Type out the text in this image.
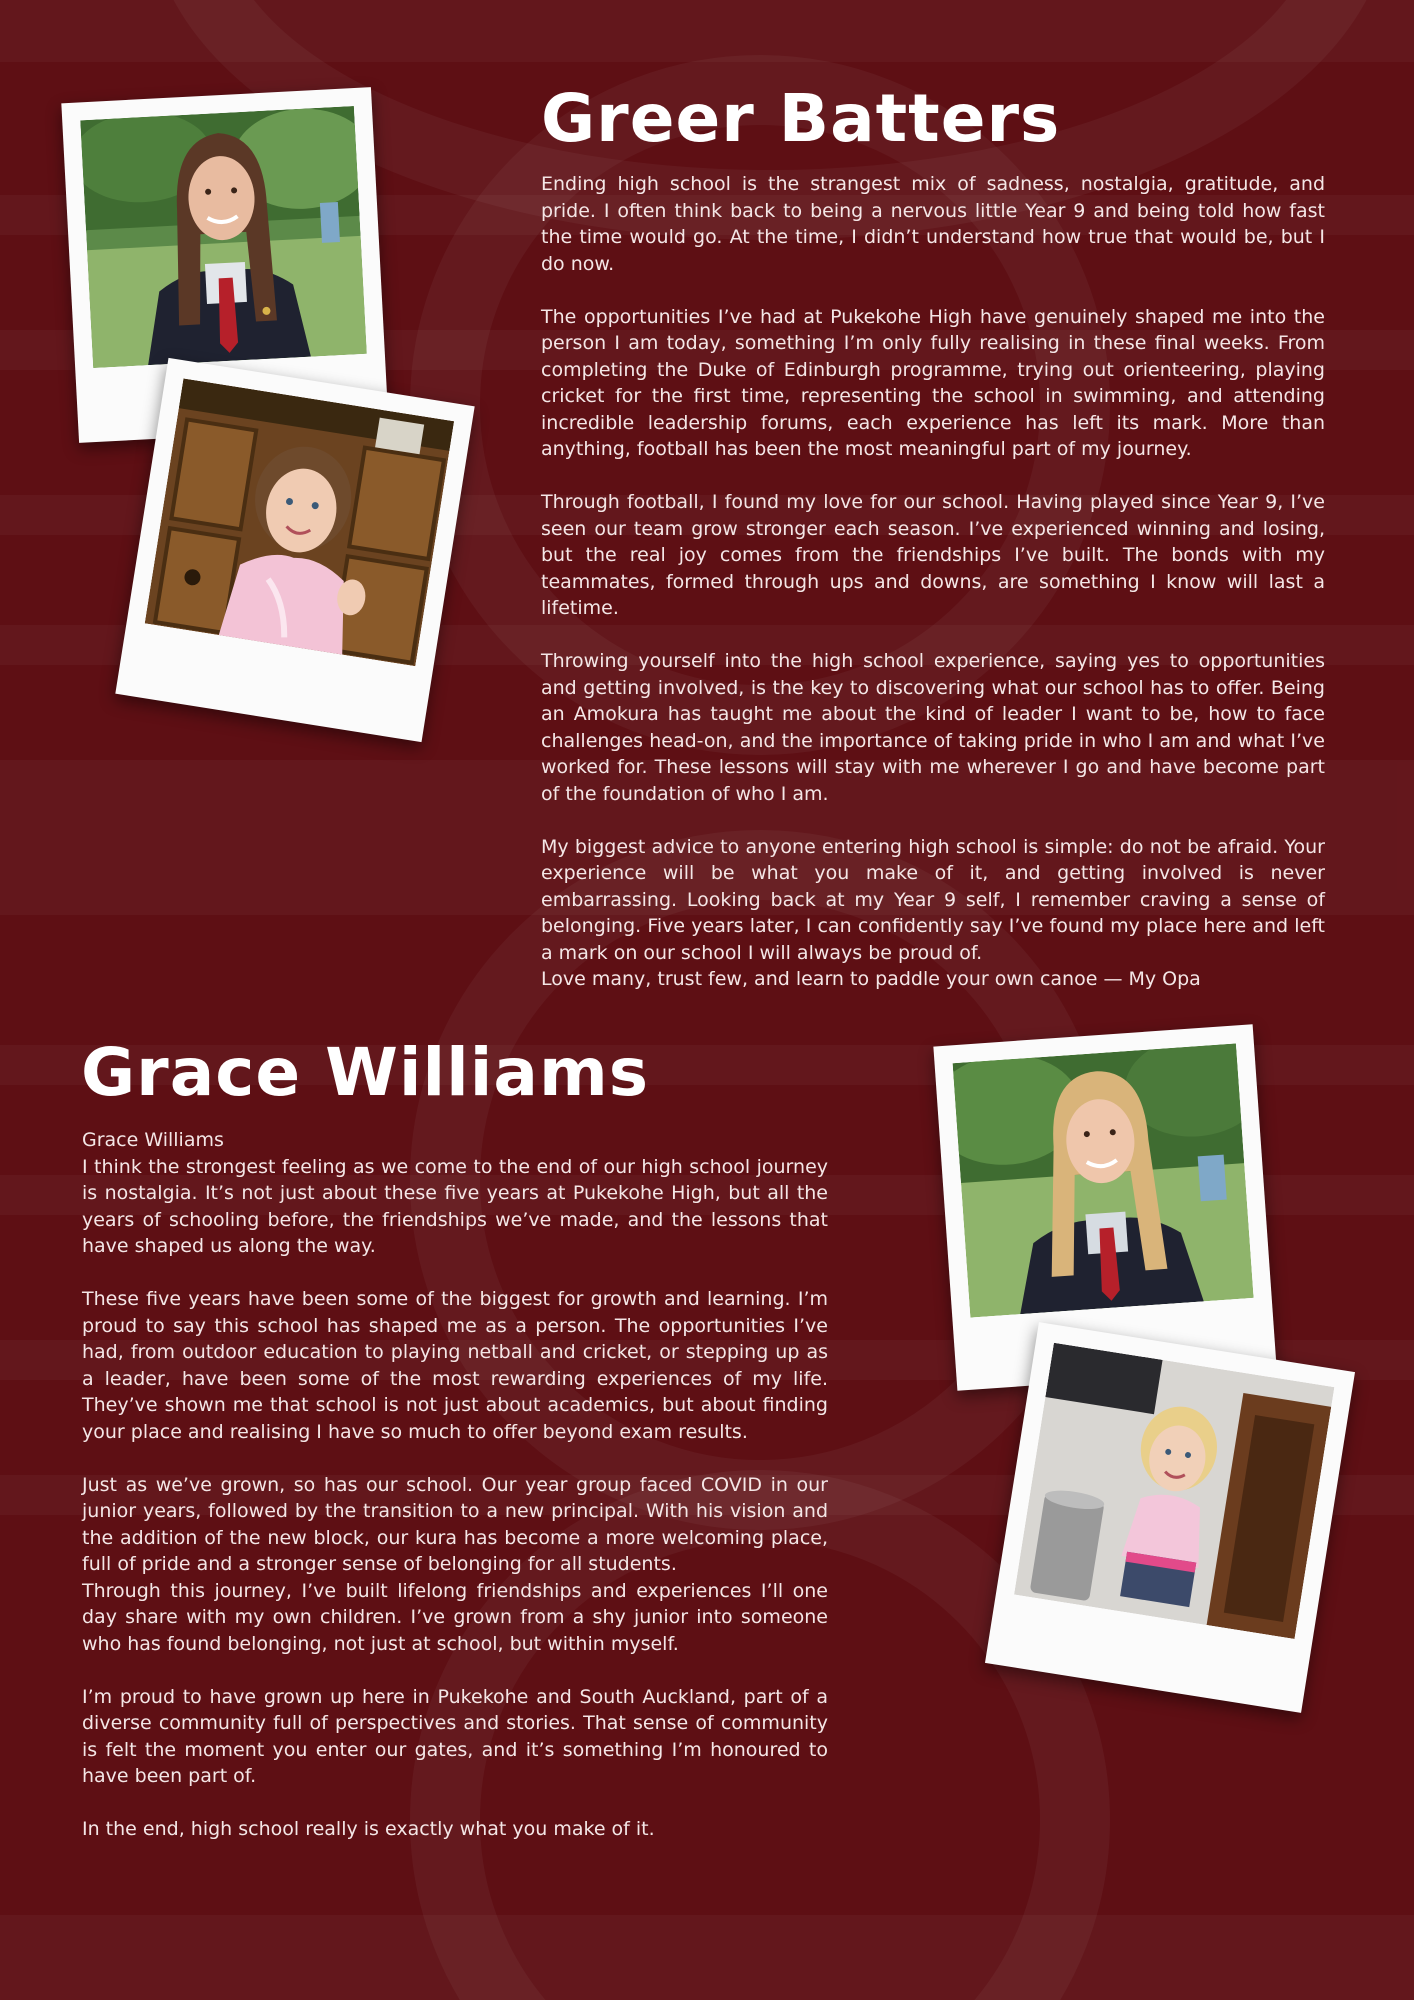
Greer Batters

Ending high school is the strangest mix of sadness, nostalgia, gratitude, and pride. I often think back to being a nervous little Year 9 and being told how fast the time would go. At the time, I didn’t understand how true that would be, but I do now.

The opportunities I’ve had at Pukekohe High have genuinely shaped me into the person I am today, something I’m only fully realising in these final weeks. From completing the Duke of Edinburgh programme, trying out orienteering, playing cricket for the first time, representing the school in swimming, and attending incredible leadership forums, each experience has left its mark. More than anything, football has been the most meaningful part of my journey.

Through football, I found my love for our school. Having played since Year 9, I’ve seen our team grow stronger each season. I’ve experienced winning and losing, but the real joy comes from the friendships I’ve built. The bonds with my teammates, formed through ups and downs, are something I know will last a lifetime.

Throwing yourself into the high school experience, saying yes to opportunities and getting involved, is the key to discovering what our school has to offer. Being an Amokura has taught me about the kind of leader I want to be, how to face challenges head-on, and the importance of taking pride in who I am and what I’ve worked for. These lessons will stay with me wherever I go and have become part of the foundation of who I am.

My biggest advice to anyone entering high school is simple: do not be afraid. Your experience will be what you make of it, and getting involved is never embarrassing. Looking back at my Year 9 self, I remember craving a sense of belonging. Five years later, I can confidently say I’ve found my place here and left a mark on our school I will always be proud of.

Love many, trust few, and learn to paddle your own canoe — My Opa

Grace Williams

Grace Williams

I think the strongest feeling as we come to the end of our high school journey is nostalgia. It’s not just about these five years at Pukekohe High, but all the years of schooling before, the friendships we’ve made, and the lessons that have shaped us along the way.

These five years have been some of the biggest for growth and learning. I’m proud to say this school has shaped me as a person. The opportunities I’ve had, from outdoor education to playing netball and cricket, or stepping up as a leader, have been some of the most rewarding experiences of my life. They’ve shown me that school is not just about academics, but about finding your place and realising I have so much to offer beyond exam results.

Just as we’ve grown, so has our school. Our year group faced COVID in our junior years, followed by the transition to a new principal. With his vision and the addition of the new block, our kura has become a more welcoming place, full of pride and a stronger sense of belonging for all students.

Through this journey, I’ve built lifelong friendships and experiences I’ll one day share with my own children. I’ve grown from a shy junior into someone who has found belonging, not just at school, but within myself.

I’m proud to have grown up here in Pukekohe and South Auckland, part of a diverse community full of perspectives and stories. That sense of community is felt the moment you enter our gates, and it’s something I’m honoured to have been part of.

In the end, high school really is exactly what you make of it.
